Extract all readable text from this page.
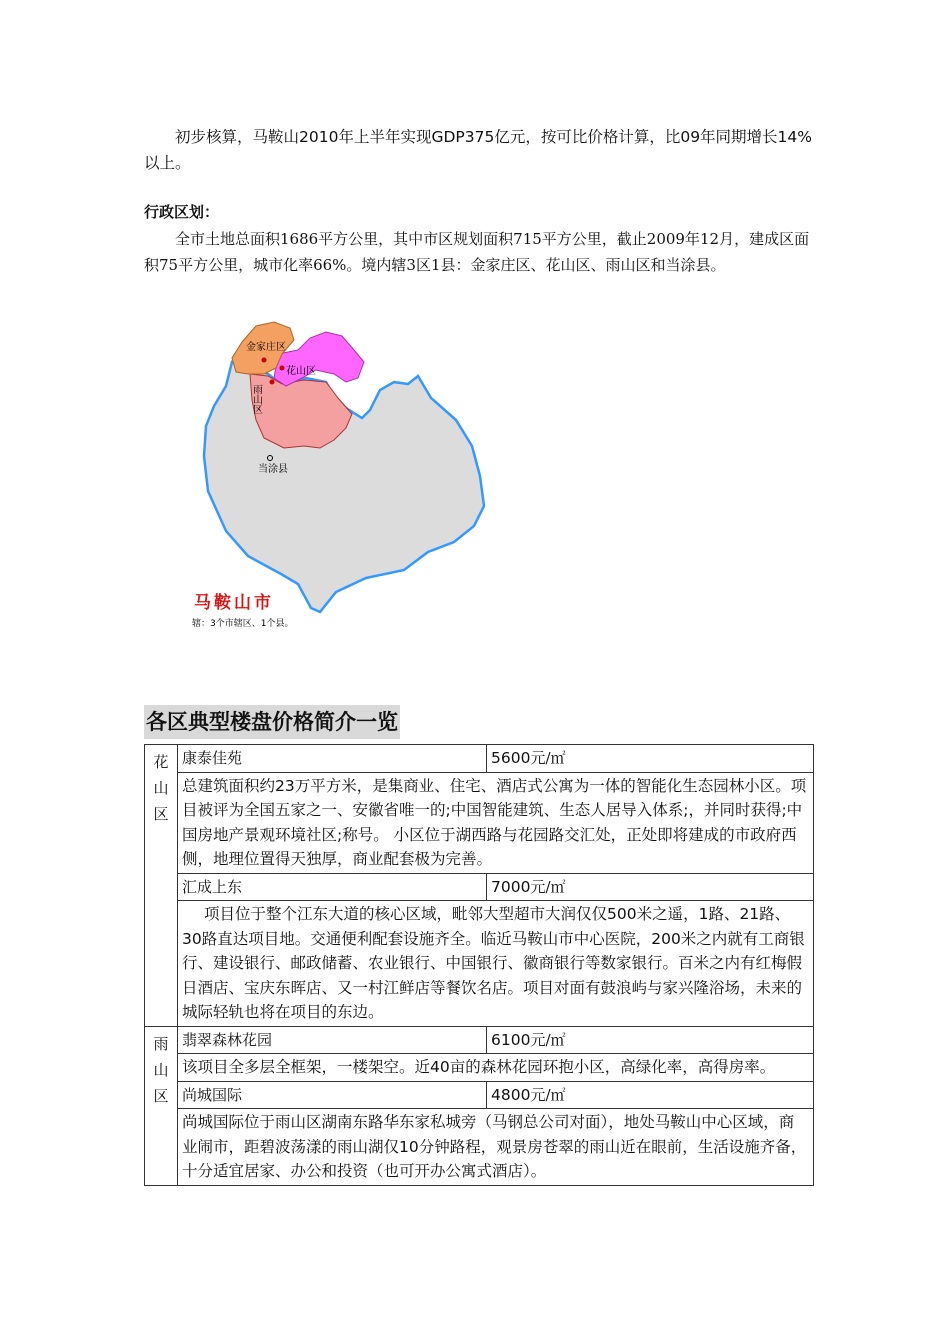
初步核算，马鞍山2010年上半年实现GDP375亿元，按可比价格计算，比09年同期增长14%以上。

行政区划：

全市土地总面积1686平方公里，其中市区规划面积715平方公里，截止2009年12月，建成区面积75平方公里，城市化率66%。境内辖3区1县：金家庄区、花山区、雨山区和当涂县。

金家庄区
花山区
雨山区
当涂县
马鞍山市
辖：3个市辖区、1个县。
各区典型楼盘价格简介一览
花山区	康泰佳苑	5600元/㎡
	总建筑面积约23万平方米，是集商业、住宅、酒店式公寓为一体的智能化生态园林小区。项目被评为全国五家之一、安徽省唯一的;中国智能建筑、生态人居导入体系;，并同时获得;中国房地产景观环境社区;称号。 小区位于湖西路与花园路交汇处，正处即将建成的市政府西侧，地理位置得天独厚，商业配套极为完善。	
	汇成上东	7000元/㎡
	项目位于整个江东大道的核心区域，毗邻大型超市大润仅仅500米之遥，1路、21路、30路直达项目地。交通便利配套设施齐全。临近马鞍山市中心医院，200米之内就有工商银行、建设银行、邮政储蓄、农业银行、中国银行、徽商银行等数家银行。百米之内有红梅假日酒店、宝庆东晖店、又一村江鲜店等餐饮名店。项目对面有鼓浪屿与家兴隆浴场，未来的城际轻轨也将在项目的东边。	
雨山区	翡翠森林花园	6100元/㎡
	该项目全多层全框架，一楼架空。近40亩的森林花园环抱小区，高绿化率，高得房率。	
	尚城国际	4800元/㎡
	尚城国际位于雨山区湖南东路华东家私城旁（马钢总公司对面），地处马鞍山中心区域，商业闹市，距碧波荡漾的雨山湖仅10分钟路程，观景房苍翠的雨山近在眼前，生活设施齐备，十分适宜居家、办公和投资（也可开办公寓式酒店）。	
